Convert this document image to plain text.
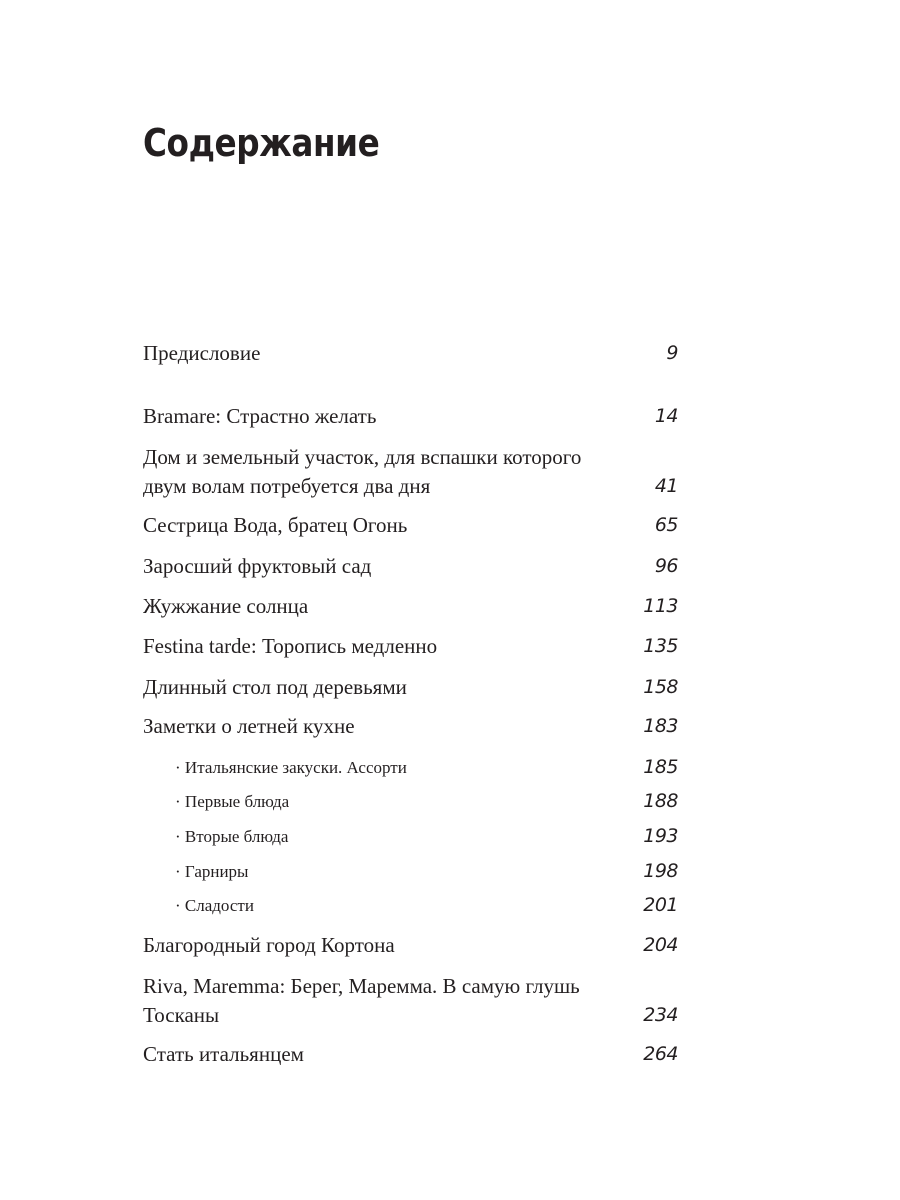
Содержание
Предисловие	9
Bramare: Страстно желать	14
Дом и земельный участок, для вспашки которого двум волам потребуется два дня	41
Сестрица Вода, братец Огонь	65
Заросший фруктовый сад	96
Жужжание солнца	113
Festina tarde: Торопись медленно	135
Длинный стол под деревьями	158
Заметки о летней кухне	183
· Итальянские закуски. Ассорти	185
· Первые блюда	188
· Вторые блюда	193
· Гарниры	198
· Сладости	201
Благородный город Кортона	204
Riva, Maremma: Берег, Маремма. В самую глушь Тосканы	234
Стать итальянцем	264
